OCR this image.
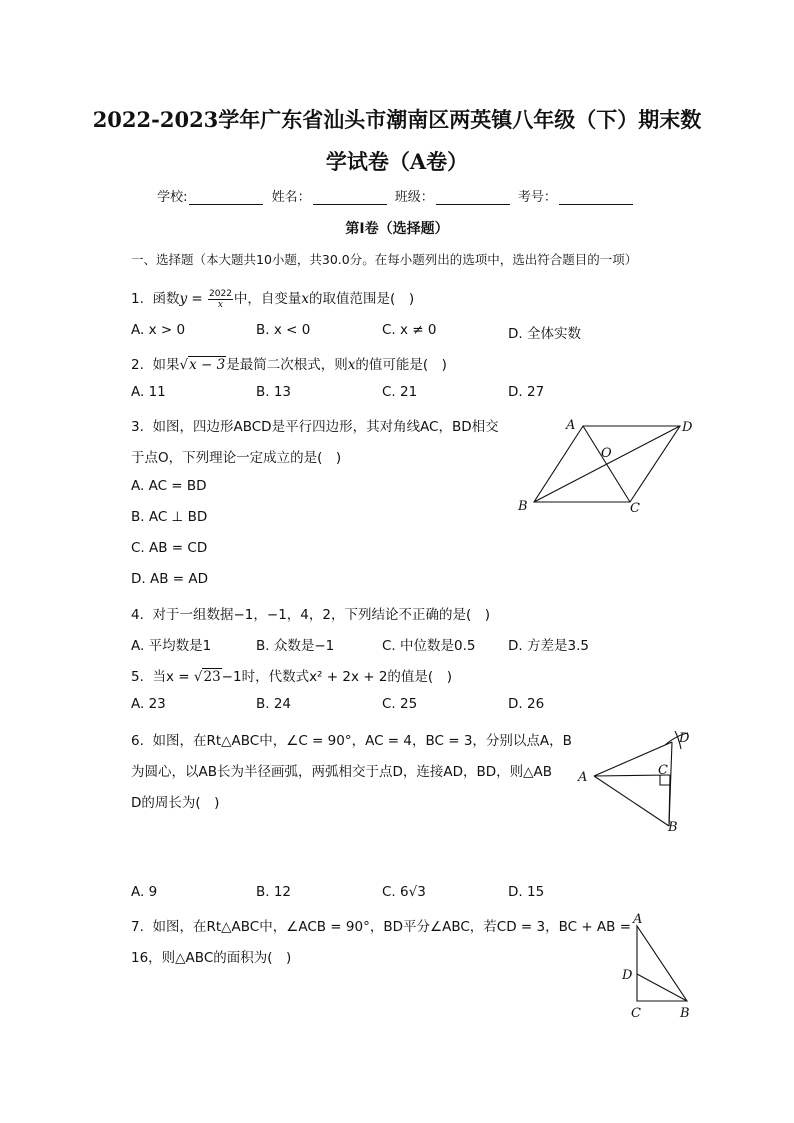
2022-2023学年广东省汕头市潮南区两英镇八年级（下）期末数
学试卷（A卷）
学校:	姓名：	班级：	考号：
第I卷（选择题）
一、选择题（本大题共10小题，共30.0分。在每小题列出的选项中，选出符合题目的一项）
1. 函数$y = \frac{2022}{x}$ 中，自变量x的取值范围是(　)
A. x > 0	B. x < 0	C. x ≠ 0	D. 全体实数
2. 如果√x − 3是最简二次根式，则x的值可能是(　)
A. 11	B. 13	C. 21	D. 27
3. 如图，四边形ABCD是平行四边形，其对角线AC，BD相交
于点O，下列理论一定成立的是(　)
A. AC = BD
B. AC ⊥ BD
C. AB = CD
D. AB = AD
A	D
O
B	C
4. 对于一组数据−1，−1，4，2，下列结论不正确的是(　)
A. 平均数是1	B. 众数是−1	C. 中位数是0.5 D. 方差是3.5
5. 当x = √23−1时，代数式x² + 2x + 2的值是(　)
A. 23	B. 24	C. 25	D. 26
6. 如图，在Rt△ABC中，∠C = 90°，AC = 4，BC = 3，分别以点A，B
为圆心，以AB长为半径画弧，两弧相交于点D，连接AD，BD，则△AB
D的周长为(　)
D
A	C
B
A. 9	B. 12	C. 6√3	D. 15
7. 如图，在Rt△ABC中，∠ACB = 90°，BD平分∠ABC，若CD = 3，BC + AB =
16，则△ABC的面积为(　)
A
D
C	B
